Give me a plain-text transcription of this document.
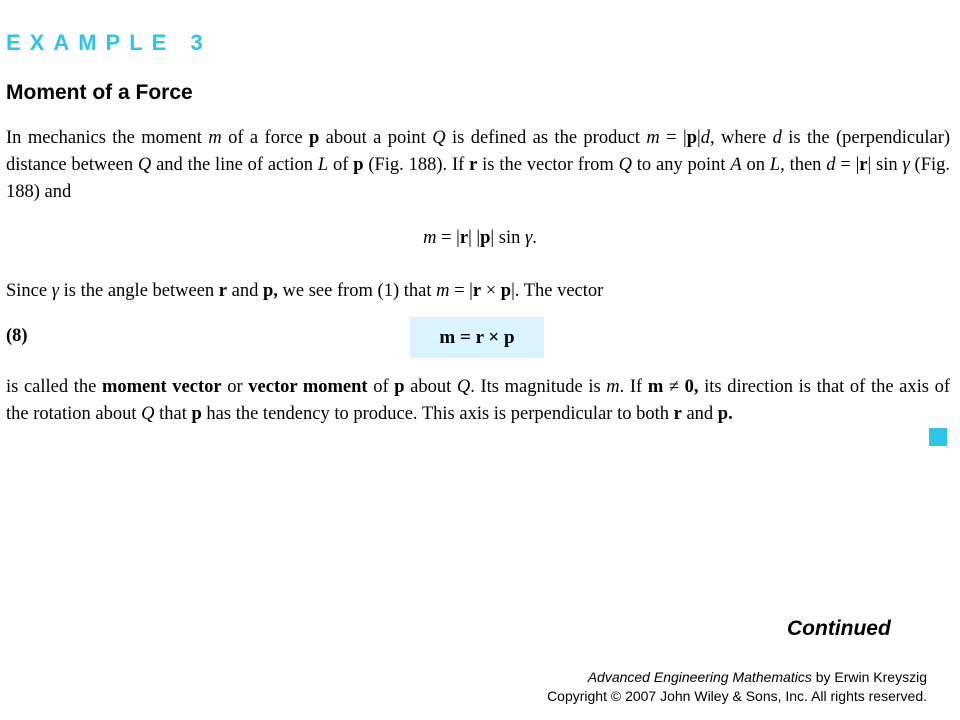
EXAMPLE 3
Moment of a Force

In mechanics the moment m of a force p about a point Q is defined as the product m = |p|d, where d is the (perpendicular) distance between Q and the line of action L of p (Fig. 188). If r is the vector from Q to any point A on L, then d = |r| sin γ (Fig. 188) and

m = |r| |p| sin γ.

Since γ is the angle between r and p, we see from (1) that m = |r × p|. The vector

(8)	m = r × p

is called the moment vector or vector moment of p about Q. Its magnitude is m. If m ≠ 0, its direction is that of the axis of the rotation about Q that p has the tendency to produce. This axis is perpendicular to both r and p.

Continued
Advanced Engineering Mathematics by Erwin Kreyszig
Copyright © 2007 John Wiley & Sons, Inc. All rights reserved.
